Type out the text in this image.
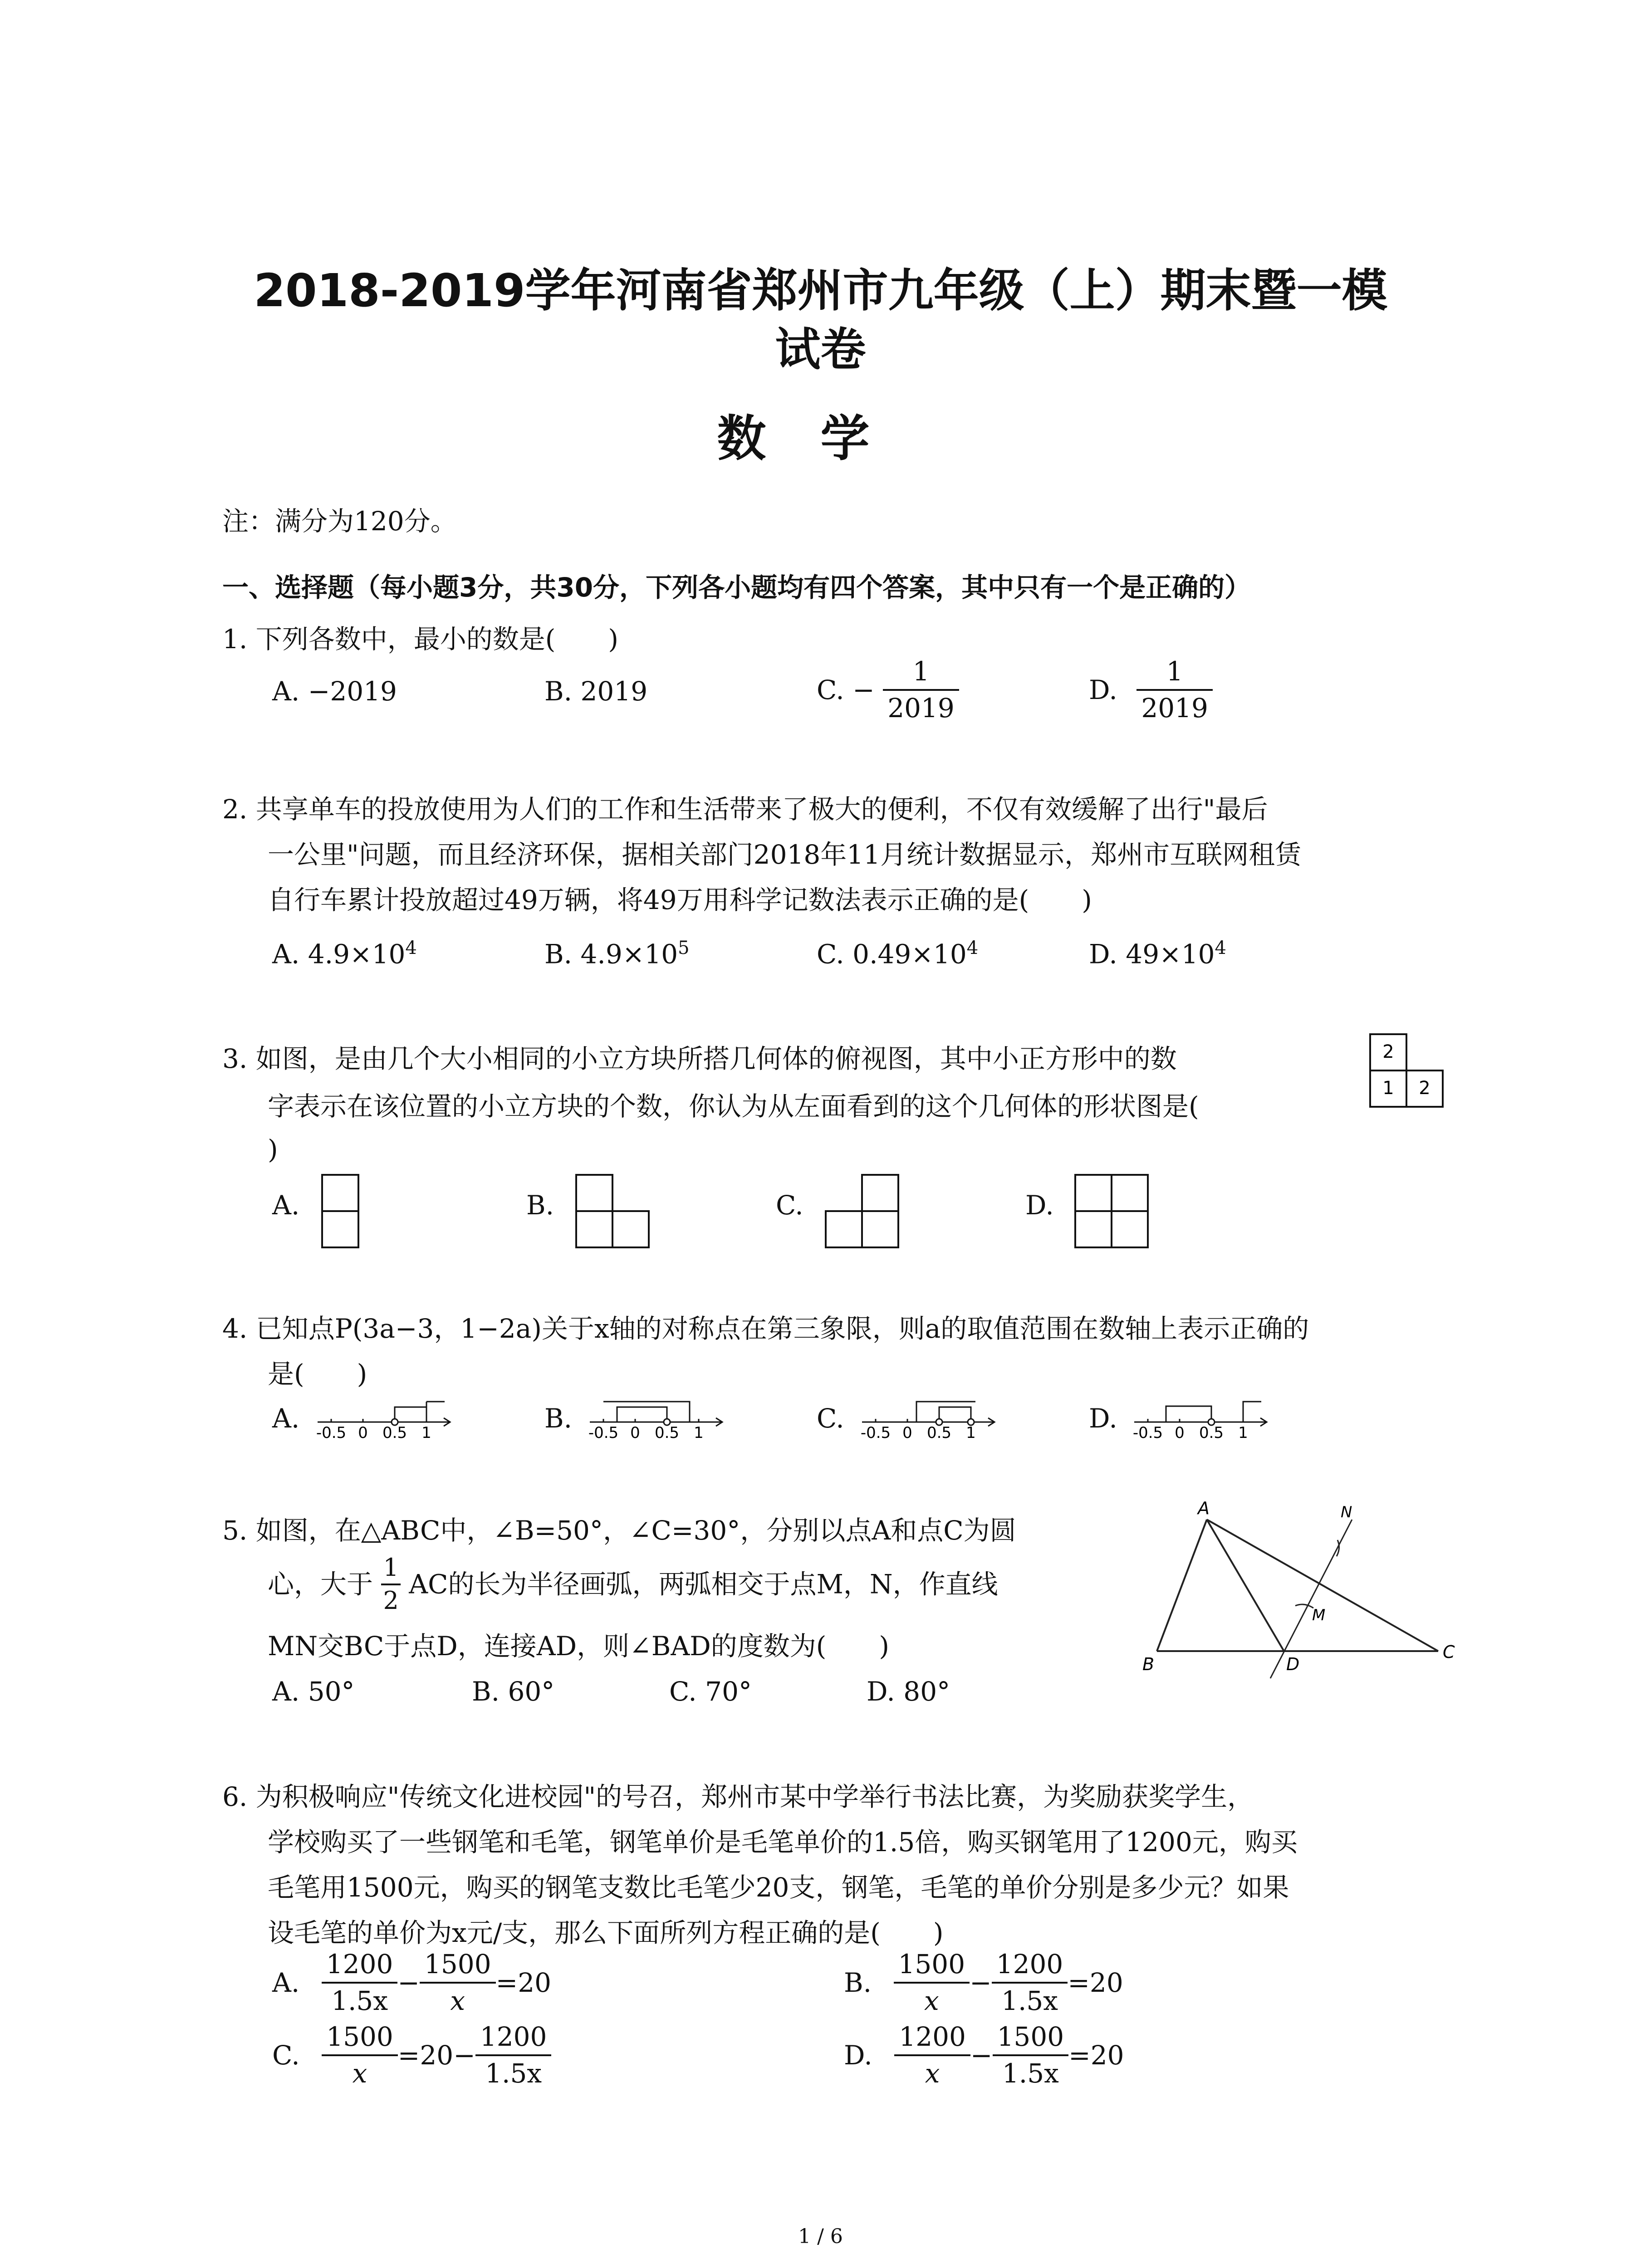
2018-2019学年河南省郑州市九年级（上）期末暨一模
试卷
数学
注：满分为120分。
一、选择题（每小题3分，共30分，下列各小题均有四个答案，其中只有一个是正确的）
1. 下列各数中，最小的数是(　　)
A. −2019	B. 2019	C. − $\frac{1}{2019}$	D. $\frac{1}{2019}$
2. 共享单车的投放使用为人们的工作和生活带来了极大的便利，不仅有效缓解了出行"最后
一公里"问题，而且经济环保，据相关部门2018年11月统计数据显示，郑州市互联网租赁
自行车累计投放超过49万辆，将49万用科学记数法表示正确的是(　　)
A. $4.9\times 10^4$	B. $4.9\times 10^5$	C. $0.49\times 10^4$	D. $49\times 10^4$
3. 如图，是由几个大小相同的小立方块所搭几何体的俯视图，其中小正方形中的数
字表示在该位置的小立方块的个数，你认为从左面看到的这个几何体的形状图是(
)
2
1 2
A.	B.	C.	D.
4. 已知点P(3a−3，1−2a)关于x轴的对称点在第三象限，则a的取值范围在数轴上表示正确的
是(　　)
A.	B.	C.	D.
-0.5 0 0.5 1	-0.5 0 0.5 1	-0.5 0 0.5 1	-0.5 0 0.5 1
5. 如图，在△ABC中，∠B=50°，∠C=30°，分别以点A和点C为圆
心，大于 $\frac{1}{2}$ AC的长为半径画弧，两弧相交于点M，N，作直线
MN交BC于点D，连接AD，则∠BAD的度数为(　　)
A. 50°	B. 60°	C. 70°	D. 80°
A
B
C
D
M
N
6. 为积极响应"传统文化进校园"的号召，郑州市某中学举行书法比赛，为奖励获奖学生，
学校购买了一些钢笔和毛笔，钢笔单价是毛笔单价的1.5倍，购买钢笔用了1200元，购买
毛笔用1500元，购买的钢笔支数比毛笔少20支，钢笔，毛笔的单价分别是多少元？如果
设毛笔的单价为x元/支，那么下面所列方程正确的是(　　)
A. $\frac{1200}{1.5x} - \frac{1500}{x} =20$	B. $\frac{1500}{x} - \frac{1200}{1.5x} =20$
C. $\frac{1500}{x} =20- \frac{1200}{1.5x}$	D. $\frac{1200}{x} - \frac{1500}{1.5x} =20$
1 / 6
